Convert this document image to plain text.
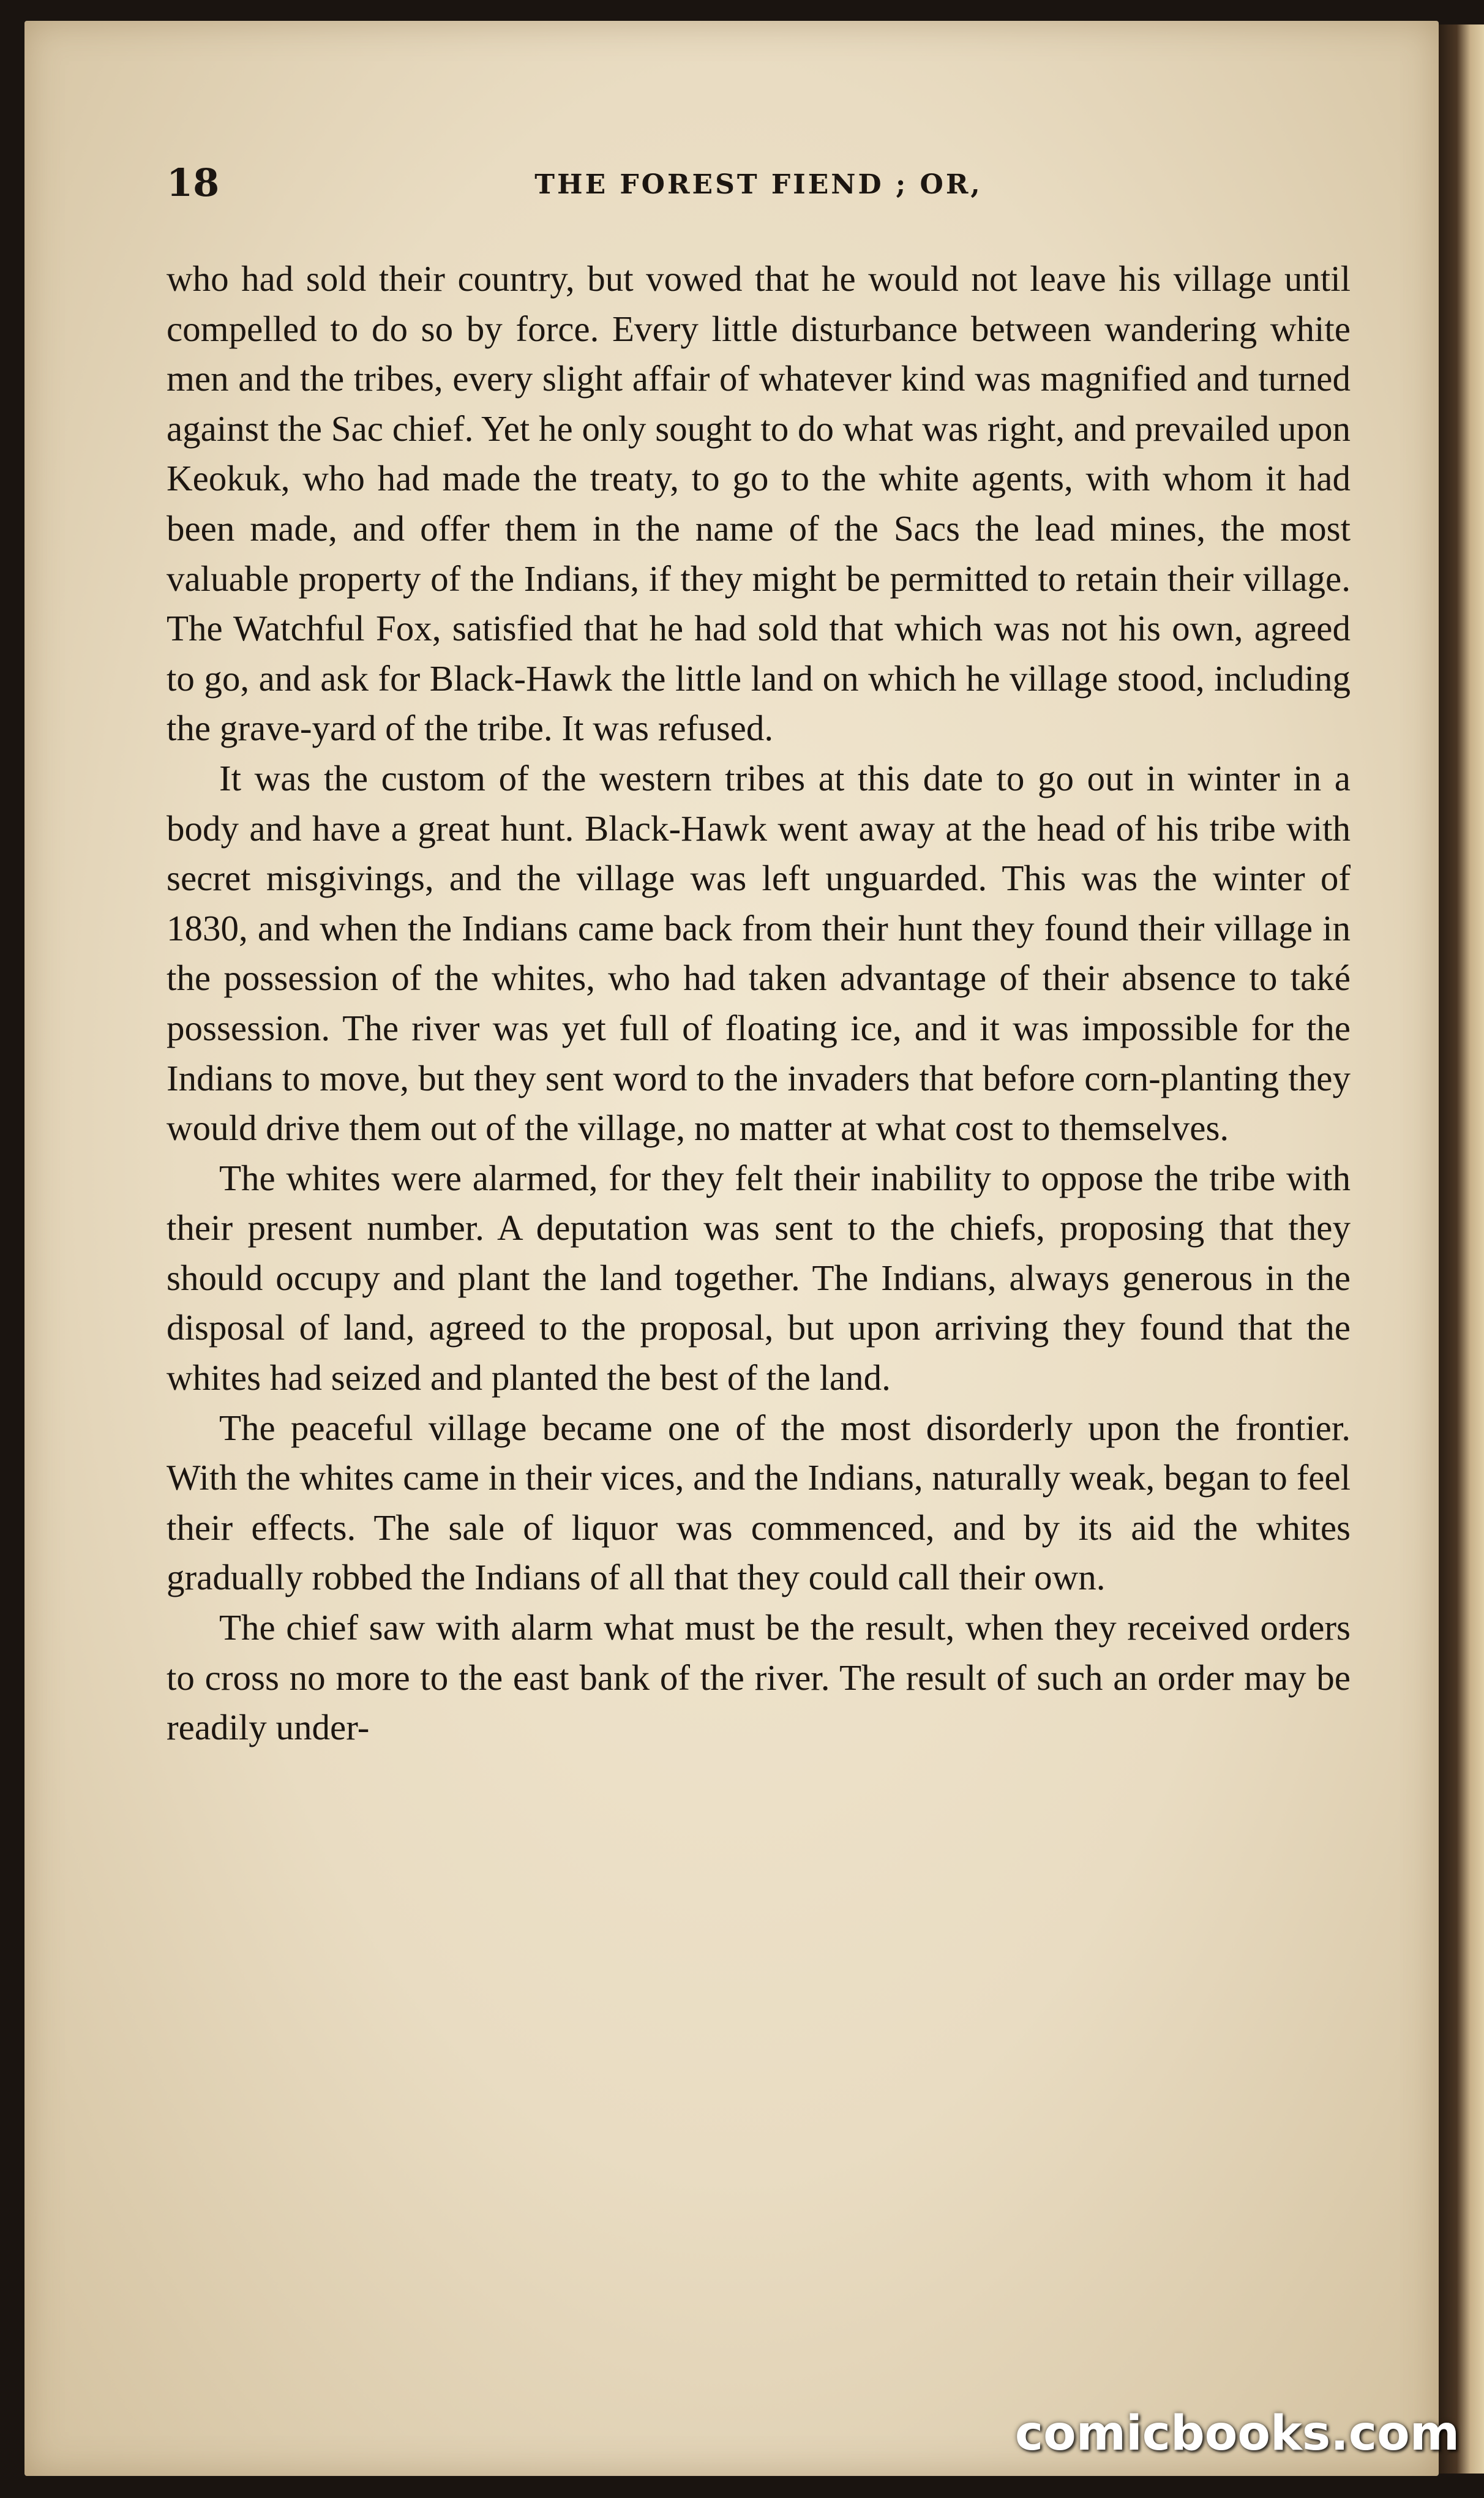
18	THE FOREST FIEND ; OR,

who had sold their country, but vowed that he would not leave his village until compelled to do so by force. Every little disturbance between wandering white men and the tribes, every slight affair of whatever kind was magnified and turned against the Sac chief. Yet he only sought to do what was right, and prevailed upon Keokuk, who had made the treaty, to go to the white agents, with whom it had been made, and offer them in the name of the Sacs the lead mines, the most valuable property of the Indians, if they might be permitted to retain their village. The Watchful Fox, satisfied that he had sold that which was not his own, agreed to go, and ask for Black-Hawk the little land on which he village stood, including the grave-yard of the tribe. It was refused.

It was the custom of the western tribes at this date to go out in winter in a body and have a great hunt. Black-Hawk went away at the head of his tribe with secret misgivings, and the village was left unguarded. This was the winter of 1830, and when the Indians came back from their hunt they found their village in the possession of the whites, who had taken advantage of their absence to také possession. The river was yet full of floating ice, and it was impossible for the Indians to move, but they sent word to the invaders that before corn-planting they would drive them out of the village, no matter at what cost to themselves.

The whites were alarmed, for they felt their inability to oppose the tribe with their present number. A deputation was sent to the chiefs, proposing that they should occupy and plant the land together. The Indians, always generous in the disposal of land, agreed to the proposal, but upon arriving they found that the whites had seized and planted the best of the land.

The peaceful village became one of the most disorderly upon the frontier. With the whites came in their vices, and the Indians, naturally weak, began to feel their effects. The sale of liquor was commenced, and by its aid the whites gradually robbed the Indians of all that they could call their own.

The chief saw with alarm what must be the result, when they received orders to cross no more to the east bank of the river. The result of such an order may be readily under-

comicbooks.com
